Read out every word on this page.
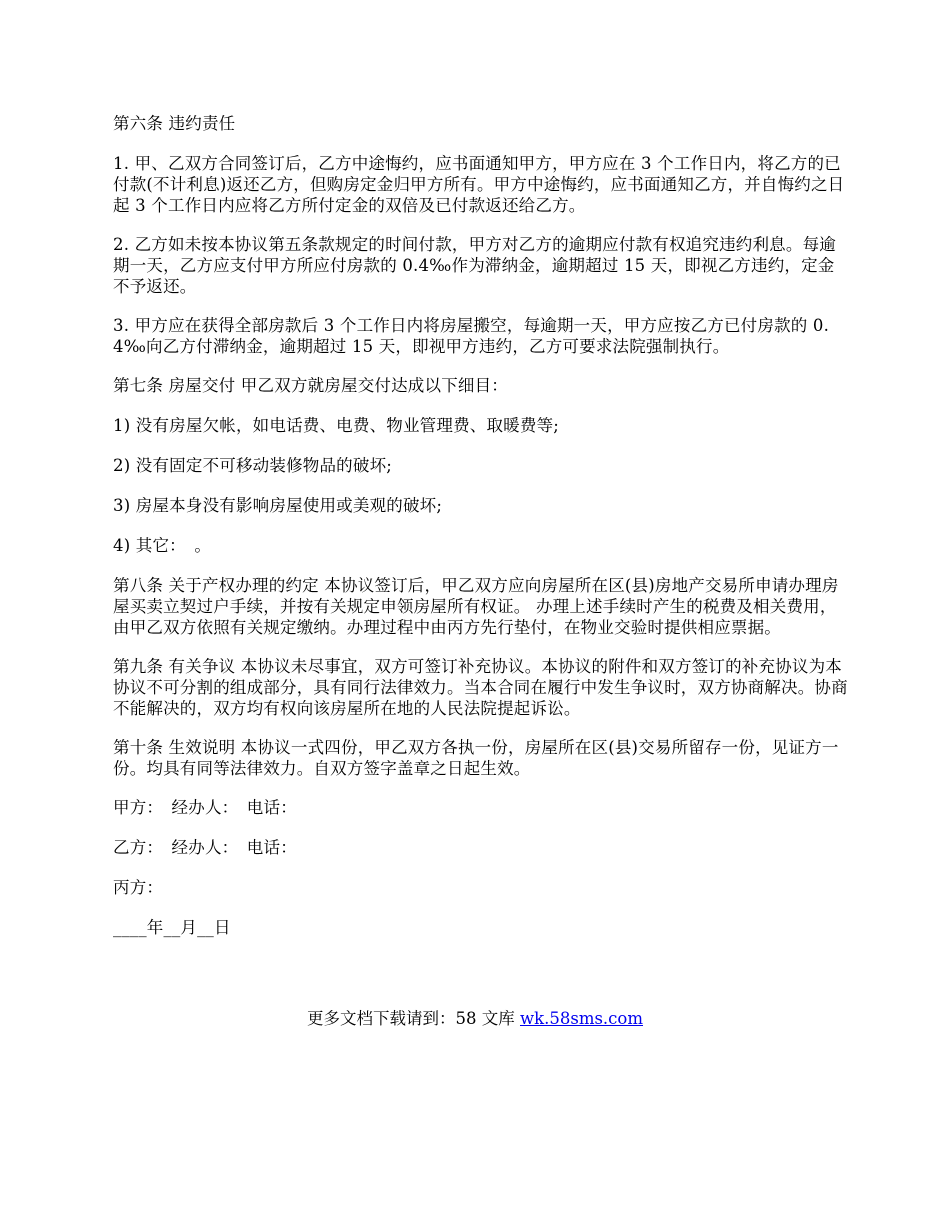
第六条 违约责任

1. 甲、乙双方合同签订后，乙方中途悔约，应书面通知甲方，甲方应在 3 个工作日内，将乙方的已付款(不计利息)返还乙方，但购房定金归甲方所有。甲方中途悔约，应书面通知乙方，并自悔约之日起 3 个工作日内应将乙方所付定金的双倍及已付款返还给乙方。

2. 乙方如未按本协议第五条款规定的时间付款，甲方对乙方的逾期应付款有权追究违约利息。每逾期一天，乙方应支付甲方所应付房款的 0.4‰作为滞纳金，逾期超过 15 天，即视乙方违约，定金不予返还。

3. 甲方应在获得全部房款后 3 个工作日内将房屋搬空，每逾期一天，甲方应按乙方已付房款的 0.4‰向乙方付滞纳金，逾期超过 15 天，即视甲方违约，乙方可要求法院强制执行。

第七条 房屋交付 甲乙双方就房屋交付达成以下细目：

1) 没有房屋欠帐，如电话费、电费、物业管理费、取暖费等;

2) 没有固定不可移动装修物品的破坏;

3) 房屋本身没有影响房屋使用或美观的破坏;

4) 其它：　。

第八条 关于产权办理的约定 本协议签订后，甲乙双方应向房屋所在区(县)房地产交易所申请办理房屋买卖立契过户手续，并按有关规定申领房屋所有权证。 办理上述手续时产生的税费及相关费用，由甲乙双方依照有关规定缴纳。办理过程中由丙方先行垫付，在物业交验时提供相应票据。

第九条 有关争议 本协议未尽事宜，双方可签订补充协议。本协议的附件和双方签订的补充协议为本协议不可分割的组成部分，具有同行法律效力。当本合同在履行中发生争议时，双方协商解决。协商不能解决的，双方均有权向该房屋所在地的人民法院提起诉讼。

第十条 生效说明 本协议一式四份，甲乙双方各执一份，房屋所在区(县)交易所留存一份，见证方一份。均具有同等法律效力。自双方签字盖章之日起生效。

甲方：　经办人：　电话：

乙方：　经办人：　电话：

丙方：

____年__月__日

更多文档下载请到：58 文库 wk.58sms.com
